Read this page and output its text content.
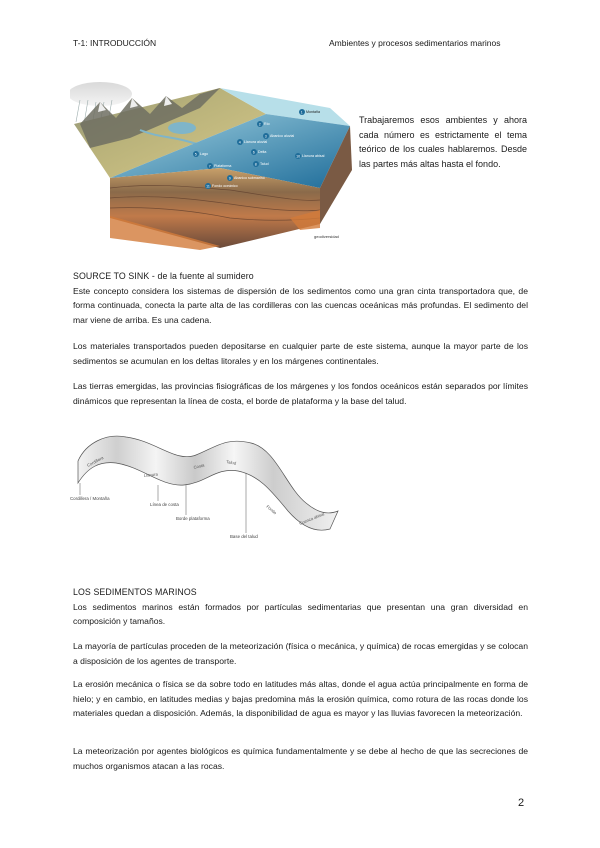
T-1: INTRODUCCIÓN	Ambientes y procesos sedimentarios marinos
1 Montaña
2 Río
3 Abanico aluvial
4 Llanura aluvial
5 Lago	6 Delta
7 Plataforma	8 Talud
10 Llanura abisal
9 Abanico submarino
11 Fondo oceánico
geodiversidad
Trabajaremos esos ambientes y ahora cada número es estrictamente el tema teórico de los cuales hablaremos. Desde las partes más altas hasta el fondo.
SOURCE TO SINK - de la fuente al sumidero
Este concepto considera los sistemas de dispersión de los sedimentos como una gran cinta transportadora que, de forma continuada, conecta la parte alta de las cordilleras con las cuencas oceánicas más profundas. El sedimento del mar viene de arriba. Es una cadena.
Los materiales transportados pueden depositarse en cualquier parte de este sistema, aunque la mayor parte de los sedimentos se acumulan en los deltas litorales y en los márgenes continentales.
Las tierras emergidas, las provincias fisiográficas de los márgenes y los fondos oceánicos están separados por límites dinámicos que representan la línea de costa, el borde de plataforma y la base del talud.
Cordillera
Llanura
Costa
Talud
Fondo
Cuenca abisal
Cordillera / Montaña
Línea de costa
Borde plataforma
Base del talud
LOS SEDIMENTOS MARINOS
Los sedimentos marinos están formados por partículas sedimentarias que presentan una gran diversidad en composición y tamaños.
La mayoría de partículas proceden de la meteorización (física o mecánica, y química) de rocas emergidas y se colocan a disposición de los agentes de transporte.
La erosión mecánica o física se da sobre todo en latitudes más altas, donde el agua actúa principalmente en forma de hielo; y en cambio, en latitudes medias y bajas predomina más la erosión química, como rotura de las rocas donde los materiales quedan a disposición. Además, la disponibilidad de agua es mayor y las lluvias favorecen la meteorización.
La meteorización por agentes biológicos es química fundamentalmente y se debe al hecho de que las secreciones de muchos organismos atacan a las rocas.
2
